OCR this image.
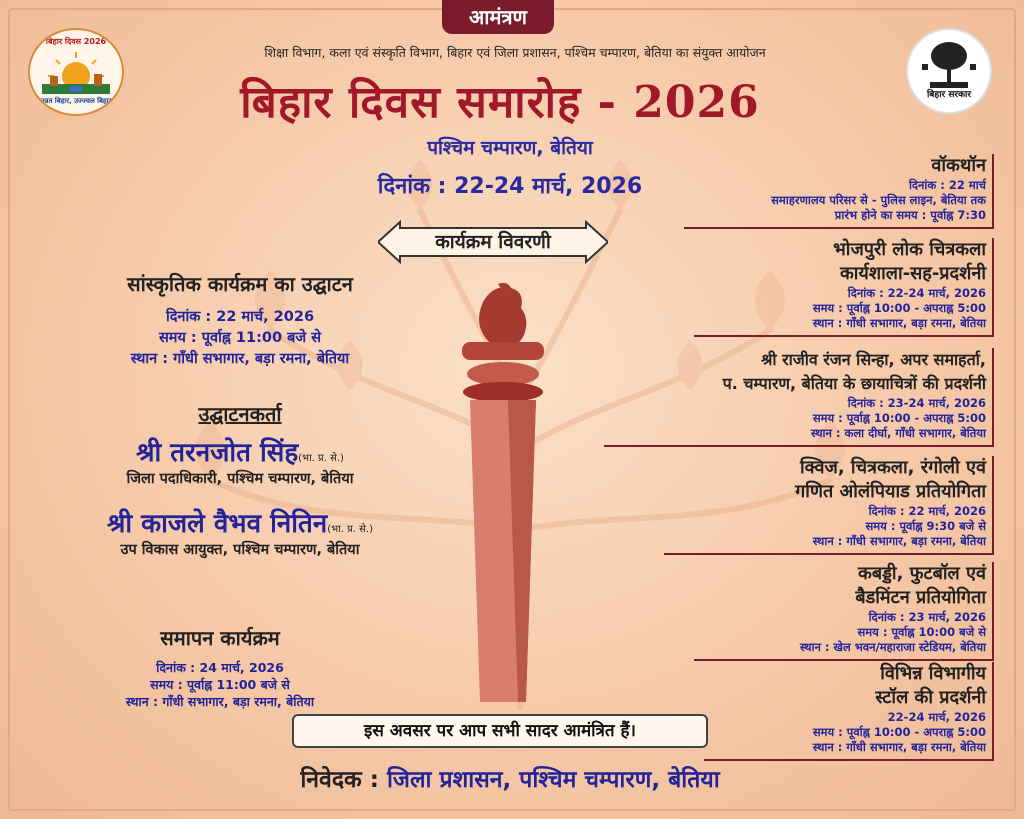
आमंत्रण
शिक्षा विभाग, कला एवं संस्कृति विभाग, बिहार एवं जिला प्रशासन, पश्चिम चम्पारण, बेतिया का संयुक्त आयोजन
बिहार दिवस 2026
उन्नत बिहार, उज्ज्वल बिहार
बिहार सरकार
बिहार दिवस समारोह - 2026
पश्चिम चम्पारण, बेतिया
दिनांक : 22-24 मार्च, 2026
कार्यक्रम विवरणी
सांस्कृतिक कार्यक्रम का उद्घाटन
दिनांक : 22 मार्च, 2026
समय : पूर्वाह्न 11:00 बजे से
स्थान : गाँधी सभागार, बड़ा रमना, बेतिया
उद्घाटनकर्ता
श्री तरनजोत सिंह(भा. प्र. से.)
जिला पदाधिकारी, पश्चिम चम्पारण, बेतिया
श्री काजले वैभव नितिन(भा. प्र. से.)
उप विकास आयुक्त, पश्चिम चम्पारण, बेतिया
समापन कार्यक्रम
दिनांक : 24 मार्च, 2026
समय : पूर्वाह्न 11:00 बजे से
स्थान : गाँधी सभागार, बड़ा रमना, बेतिया
वॉकथॉन
दिनांक : 22 मार्च
समाहरणालय परिसर से - पुलिस लाइन, बेतिया तक
प्रारंभ होने का समय : पूर्वाह्न 7:30
भोजपुरी लोक चित्रकला
कार्यशाला-सह-प्रदर्शनी
दिनांक : 22-24 मार्च, 2026
समय : पूर्वाह्न 10:00 - अपराह्न 5:00
स्थान : गाँधी सभागार, बड़ा रमना, बेतिया
श्री राजीव रंजन सिन्हा, अपर समाहर्ता,
प. चम्पारण, बेतिया के छायाचित्रों की प्रदर्शनी
दिनांक : 23-24 मार्च, 2026
समय : पूर्वाह्न 10:00 - अपराह्न 5:00
स्थान : कला दीर्घा, गाँधी सभागार, बेतिया
क्विज, चित्रकला, रंगोली एवं
गणित ओलंपियाड प्रतियोगिता
दिनांक : 22 मार्च, 2026
समय : पूर्वाह्न 9:30 बजे से
स्थान : गाँधी सभागार, बड़ा रमना, बेतिया
कबड्डी, फुटबॉल एवं
बैडमिंटन प्रतियोगिता
दिनांक : 23 मार्च, 2026
समय : पूर्वाह्न 10:00 बजे से
स्थान : खेल भवन/महाराजा स्टेडियम, बेतिया
विभिन्न विभागीय
स्टॉल की प्रदर्शनी
22-24 मार्च, 2026
समय : पूर्वाह्न 10:00 - अपराह्न 5:00
स्थान : गाँधी सभागार, बड़ा रमना, बेतिया
इस अवसर पर आप सभी सादर आमंत्रित हैं।
निवेदक : जिला प्रशासन, पश्चिम चम्पारण, बेतिया
